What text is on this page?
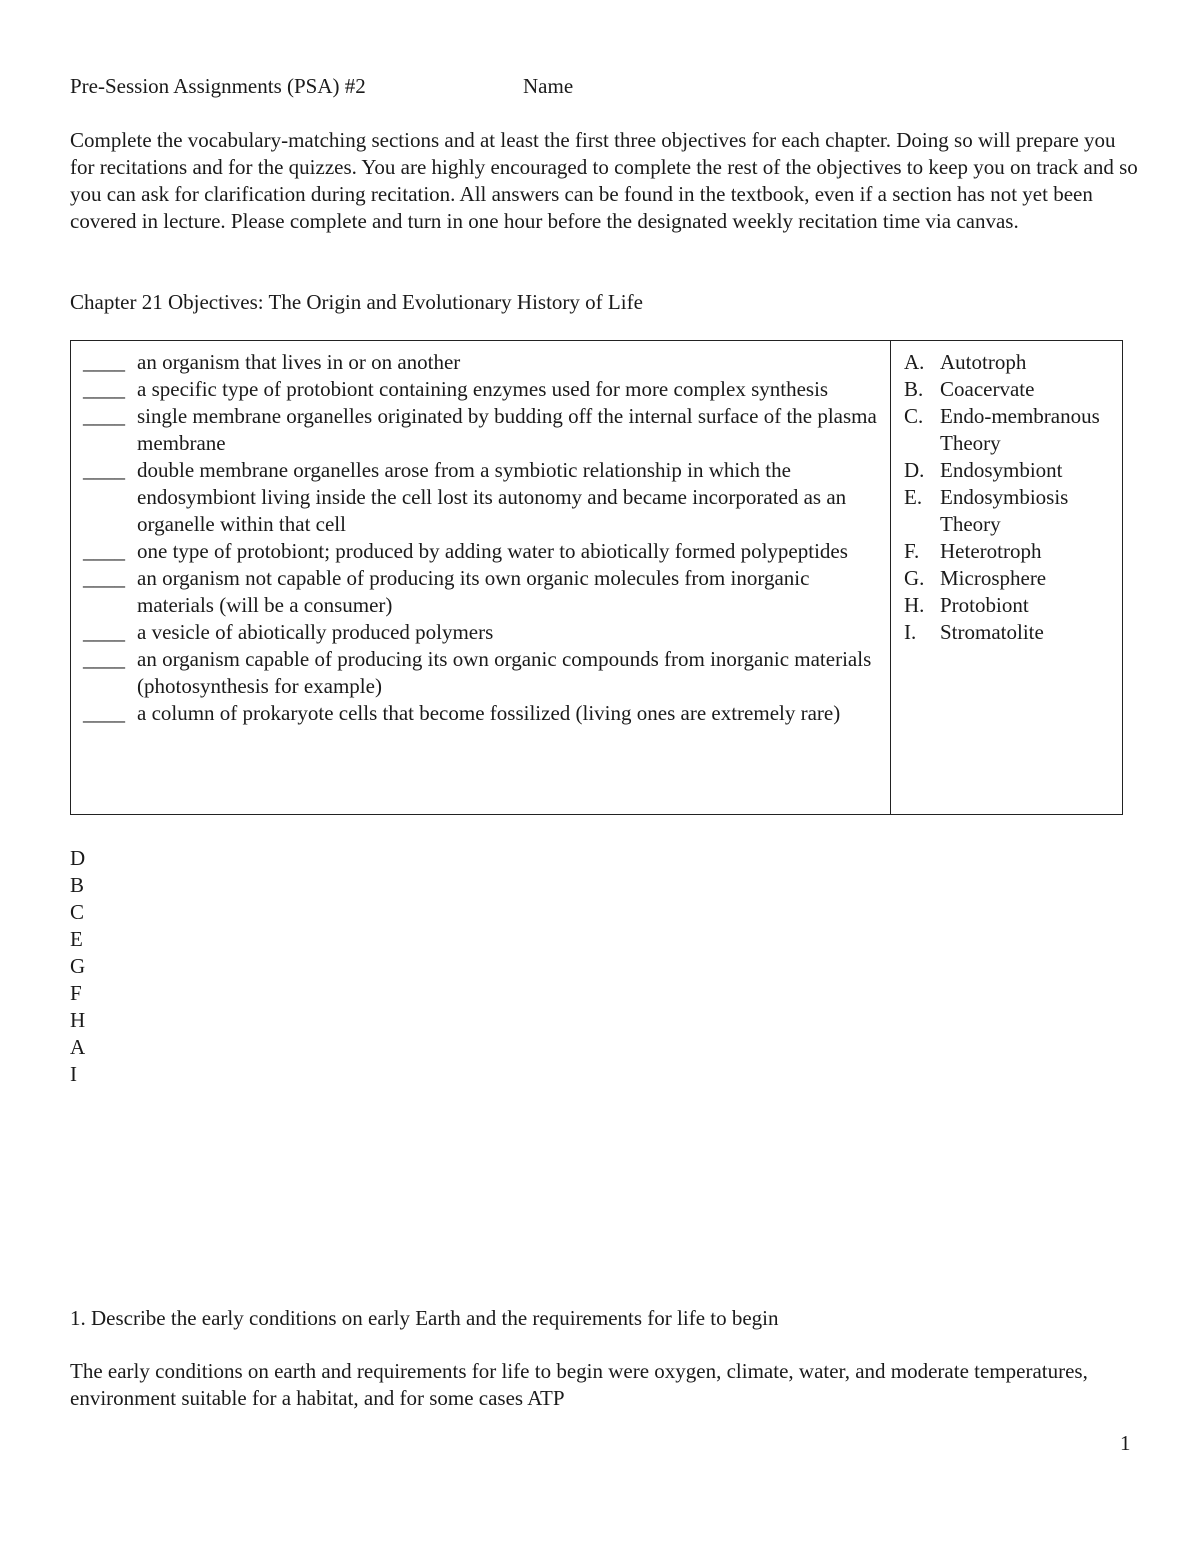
Pre-Session Assignments (PSA) #2	Name
Complete the vocabulary-matching sections and at least the first three objectives for each chapter. Doing so will prepare you for recitations and for the quizzes. You are highly encouraged to complete the rest of the objectives to keep you on track and so you can ask for clarification during recitation. All answers can be found in the textbook, even if a section has not yet been covered in lecture. Please complete and turn in one hour before the designated weekly recitation time via canvas.
Chapter 21 Objectives: The Origin and Evolutionary History of Life
____ an organism that lives in or on another
____ a specific type of protobiont containing enzymes used for more complex synthesis
____ single membrane organelles originated by budding off the internal surface of the plasma membrane
____ double membrane organelles arose from a symbiotic relationship in which the endosymbiont living inside the cell lost its autonomy and became incorporated as an organelle within that cell
____ one type of protobiont; produced by adding water to abiotically formed polypeptides
____ an organism not capable of producing its own organic molecules from inorganic materials (will be a consumer)
____ a vesicle of abiotically produced polymers
____ an organism capable of producing its own organic compounds from inorganic materials (photosynthesis for example)
____ a column of prokaryote cells that become fossilized (living ones are extremely rare)
A. Autotroph
B. Coacervate
C. Endo-membranous Theory
D. Endosymbiont
E. Endosymbiosis Theory
F. Heterotroph
G. Microsphere
H. Protobiont
I.	Stromatolite
D
B
C
E
G
F
H
A
I
1. Describe the early conditions on early Earth and the requirements for life to begin
The early conditions on earth and requirements for life to begin were oxygen, climate, water, and moderate temperatures, environment suitable for a habitat, and for some cases ATP
1
